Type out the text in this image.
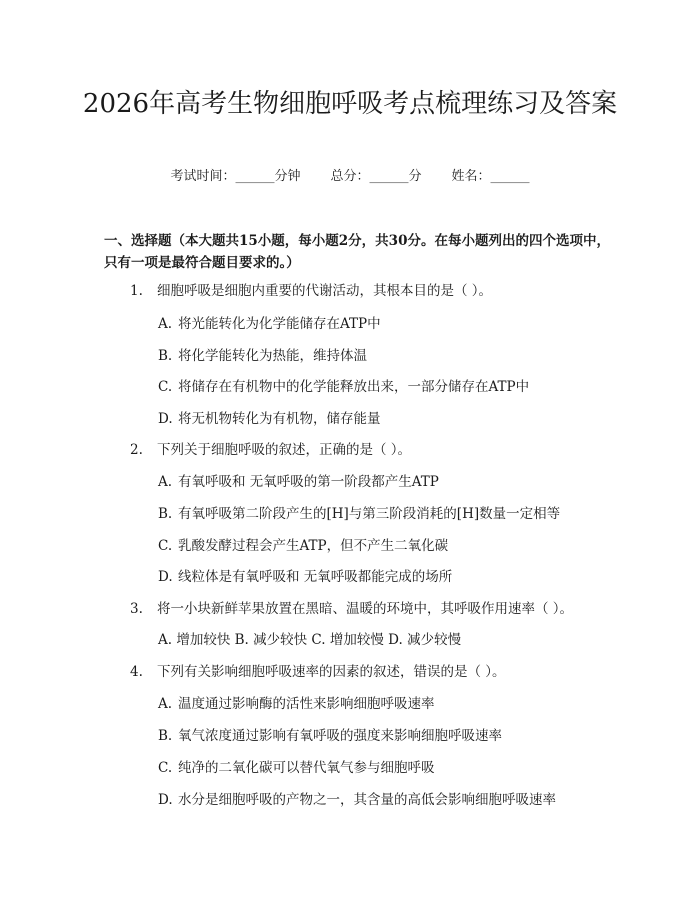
2026年高考生物细胞呼吸考点梳理练习及答案
考试时间：______分钟 总分：______分 姓名：______
一、选择题（本大题共15小题，每小题2分，共30分。在每小题列出的四个选项中，只有一项是最符合题目要求的。）
1. 细胞呼吸是细胞内重要的代谢活动，其根本目的是（ ）。
A. 将光能转化为化学能储存在ATP中
B. 将化学能转化为热能，维持体温
C. 将储存在有机物中的化学能释放出来，一部分储存在ATP中
D. 将无机物转化为有机物，储存能量
2. 下列关于细胞呼吸的叙述，正确的是（ ）。
A. 有氧呼吸和 无氧呼吸的第一阶段都产生ATP
B. 有氧呼吸第二阶段产生的[H]与第三阶段消耗的[H]数量一定相等
C. 乳酸发酵过程会产生ATP，但不产生二氧化碳
D. 线粒体是有氧呼吸和 无氧呼吸都能完成的场所
3. 将一小块新鲜苹果放置在黑暗、温暖的环境中，其呼吸作用速率（ ）。
A. 增加较快 B. 减少较快 C. 增加较慢 D. 减少较慢
4. 下列有关影响细胞呼吸速率的因素的叙述，错误的是（ ）。
A. 温度通过影响酶的活性来影响细胞呼吸速率
B. 氧气浓度通过影响有氧呼吸的强度来影响细胞呼吸速率
C. 纯净的二氧化碳可以替代氧气参与细胞呼吸
D. 水分是细胞呼吸的产物之一，其含量的高低会影响细胞呼吸速率
